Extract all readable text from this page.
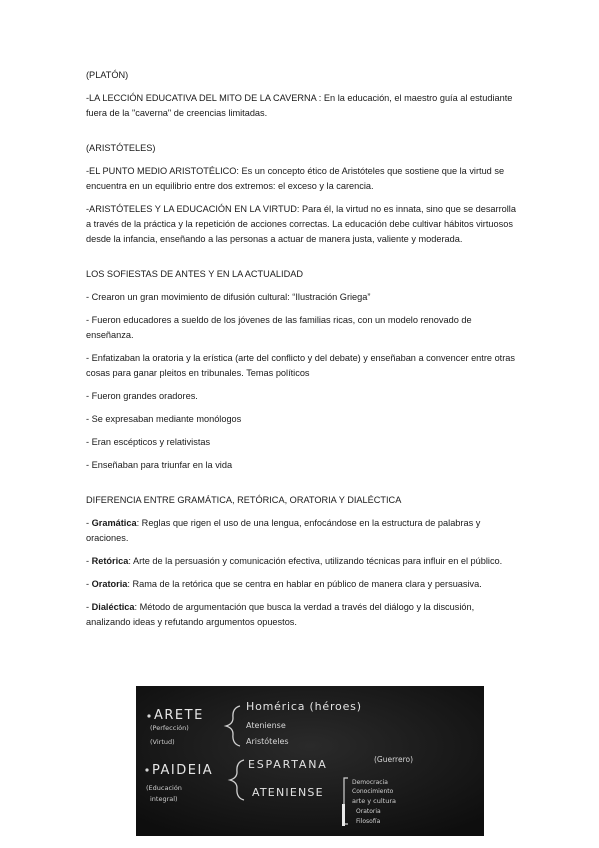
(PLATÓN)

-LA LECCIÓN EDUCATIVA DEL MITO DE LA CAVERNA : En la educación, el maestro guía al estudiante fuera de la "caverna" de creencias limitadas.

(ARISTÓTELES)

-EL PUNTO MEDIO ARISTOTÉLICO: Es un concepto ético de Aristóteles que sostiene que la virtud se encuentra en un equilibrio entre dos extremos: el exceso y la carencia.

-ARISTÓTELES Y LA EDUCACIÓN EN LA VIRTUD: Para él, la virtud no es innata, sino que se desarrolla a través de la práctica y la repetición de acciones correctas. La educación debe cultivar hábitos virtuosos desde la infancia, enseñando a las personas a actuar de manera justa, valiente y moderada.

LOS SOFIESTAS DE ANTES Y EN LA ACTUALIDAD

- Crearon un gran movimiento de difusión cultural: “Ilustración Griega”

- Fueron educadores a sueldo de los jóvenes de las familias ricas, con un modelo renovado de enseñanza.

- Enfatizaban la oratoria y la erística (arte del conflicto y del debate) y enseñaban a convencer entre otras cosas para ganar pleitos en tribunales. Temas políticos

- Fueron grandes oradores.

- Se expresaban mediante monólogos

- Eran escépticos y relativistas

- Enseñaban para triunfar en la vida

DIFERENCIA ENTRE GRAMÁTICA, RETÓRICA, ORATORIA Y DIALÉCTICA

- Gramática: Reglas que rigen el uso de una lengua, enfocándose en la estructura de palabras y oraciones.

- Retórica: Arte de la persuasión y comunicación efectiva, utilizando técnicas para influir en el público.

- Oratoria: Rama de la retórica que se centra en hablar en público de manera clara y persuasiva.

- Dialéctica: Método de argumentación que busca la verdad a través del diálogo y la discusión, analizando ideas y refutando argumentos opuestos.

ARETE
(Perfección)
(Virtud)
Homérica (héroes)
Ateniense
Aristóteles
PAIDEIA
(Educación
integral)
ESPARTANA	(Guerrero)
ATENIENSE
Democracia
Conocimiento
arte y cultura
Oratoria
Filosofía
